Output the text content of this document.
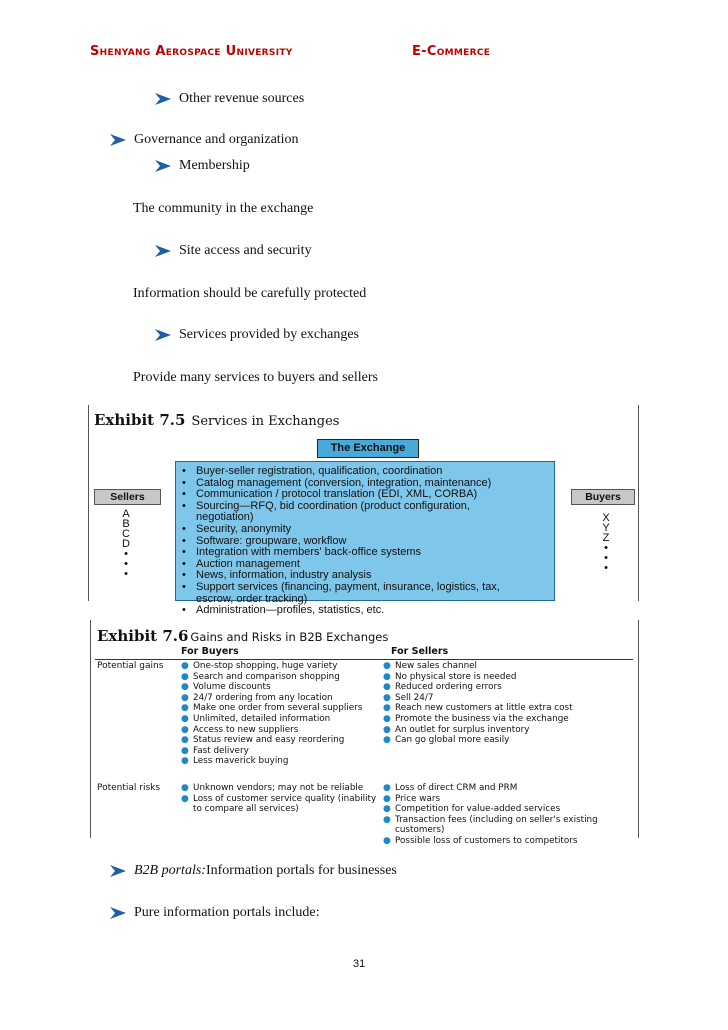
Shenyang Aerospace University	E-Commerce
Other revenue sources
Governance and organization
Membership
The community in the exchange
Site access and security
Information should be carefully protected
Services provided by exchanges
Provide many services to buyers and sellers
Exhibit 7.5 Services in Exchanges
The Exchange
Sellers
A
B
C
D
•
•
•
• Buyer-seller registration, qualification, coordination
• Catalog management (conversion, integration, maintenance)
• Communication / protocol translation (EDI, XML, CORBA)
• Sourcing—RFQ, bid coordination (product configuration,
negotiation)
• Security, anonymity
• Software: groupware, workflow
• Integration with members' back-office systems
• Auction management
• News, information, industry analysis
• Support services (financing, payment, insurance, logistics, tax,
escrow, order tracking)
• Administration—profiles, statistics, etc.
Buyers
X
Y
Z
•
•
•
Exhibit 7.6 Gains and Risks in B2B Exchanges
For Buyers	For Sellers
Potential gains ● One-stop shopping, huge variety
● Search and comparison shopping
● Volume discounts
● 24/7 ordering from any location
● Make one order from several suppliers
● Unlimited, detailed information
● Access to new suppliers
● Status review and easy reordering
● Fast delivery
● Less maverick buying
● New sales channel
● No physical store is needed
● Reduced ordering errors
● Sell 24/7
● Reach new customers at little extra cost
● Promote the business via the exchange
● An outlet for surplus inventory
● Can go global more easily
Potential risks ● Unknown vendors; may not be reliable
● Loss of customer service quality (inability
to compare all services)
● Loss of direct CRM and PRM
● Price wars
● Competition for value-added services
● Transaction fees (including on seller's existing customers)
● Possible loss of customers to competitors
B2B portals: Information portals for businesses
Pure information portals include:
31
